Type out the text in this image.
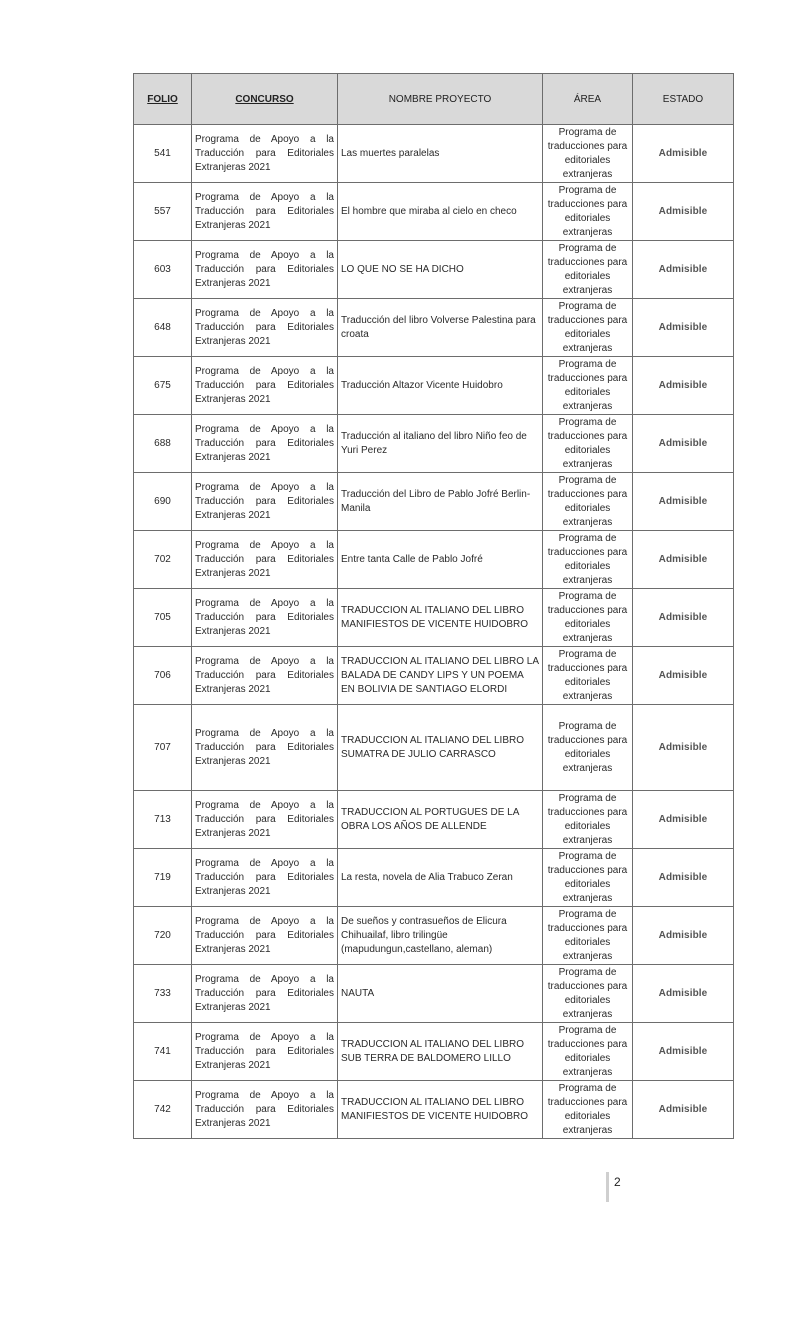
FOLIO	CONCURSO	NOMBRE PROYECTO	ÁREA	ESTADO
541	Programa de Apoyo a la Traducción para Editoriales Extranjeras 2021	Las muertes paralelas	Programa de traducciones para editoriales extranjeras	Admisible
557	Programa de Apoyo a la Traducción para Editoriales Extranjeras 2021	El hombre que miraba al cielo en checo	Programa de traducciones para editoriales extranjeras	Admisible
603	Programa de Apoyo a la Traducción para Editoriales Extranjeras 2021	LO QUE NO SE HA DICHO	Programa de traducciones para editoriales extranjeras	Admisible
648	Programa de Apoyo a la Traducción para Editoriales Extranjeras 2021	Traducción del libro Volverse Palestina para croata	Programa de traducciones para editoriales extranjeras	Admisible
675	Programa de Apoyo a la Traducción para Editoriales Extranjeras 2021	Traducción Altazor Vicente Huidobro	Programa de traducciones para editoriales extranjeras	Admisible
688	Programa de Apoyo a la Traducción para Editoriales Extranjeras 2021	Traducción al italiano del libro Niño feo de Yuri Perez	Programa de traducciones para editoriales extranjeras	Admisible
690	Programa de Apoyo a la Traducción para Editoriales Extranjeras 2021	Traducción del Libro de Pablo Jofré Berlin-Manila	Programa de traducciones para editoriales extranjeras	Admisible
702	Programa de Apoyo a la Traducción para Editoriales Extranjeras 2021	Entre tanta Calle de Pablo Jofré	Programa de traducciones para editoriales extranjeras	Admisible
705	Programa de Apoyo a la Traducción para Editoriales Extranjeras 2021	TRADUCCION AL ITALIANO DEL LIBRO MANIFIESTOS DE VICENTE HUIDOBRO	Programa de traducciones para editoriales extranjeras	Admisible
706	Programa de Apoyo a la Traducción para Editoriales Extranjeras 2021	TRADUCCION AL ITALIANO DEL LIBRO LA BALADA DE CANDY LIPS Y UN POEMA EN BOLIVIA DE SANTIAGO ELORDI	Programa de traducciones para editoriales extranjeras	Admisible
707	Programa de Apoyo a la Traducción para Editoriales Extranjeras 2021	TRADUCCION AL ITALIANO DEL LIBRO SUMATRA DE JULIO CARRASCO	Programa de traducciones para editoriales extranjeras	Admisible
713	Programa de Apoyo a la Traducción para Editoriales Extranjeras 2021	TRADUCCION AL PORTUGUES DE LA OBRA LOS AÑOS DE ALLENDE	Programa de traducciones para editoriales extranjeras	Admisible
719	Programa de Apoyo a la Traducción para Editoriales Extranjeras 2021	La resta, novela de Alia Trabuco Zeran	Programa de traducciones para editoriales extranjeras	Admisible
720	Programa de Apoyo a la Traducción para Editoriales Extranjeras 2021	De sueños y contrasueños de Elicura Chihuailaf, libro trilingüe (mapudungun,castellano, aleman)	Programa de traducciones para editoriales extranjeras	Admisible
733	Programa de Apoyo a la Traducción para Editoriales Extranjeras 2021	NAUTA	Programa de traducciones para editoriales extranjeras	Admisible
741	Programa de Apoyo a la Traducción para Editoriales Extranjeras 2021	TRADUCCION AL ITALIANO DEL LIBRO SUB TERRA DE BALDOMERO LILLO	Programa de traducciones para editoriales extranjeras	Admisible
742	Programa de Apoyo a la Traducción para Editoriales Extranjeras 2021	TRADUCCION AL ITALIANO DEL LIBRO MANIFIESTOS DE VICENTE HUIDOBRO	Programa de traducciones para editoriales extranjeras	Admisible
2
